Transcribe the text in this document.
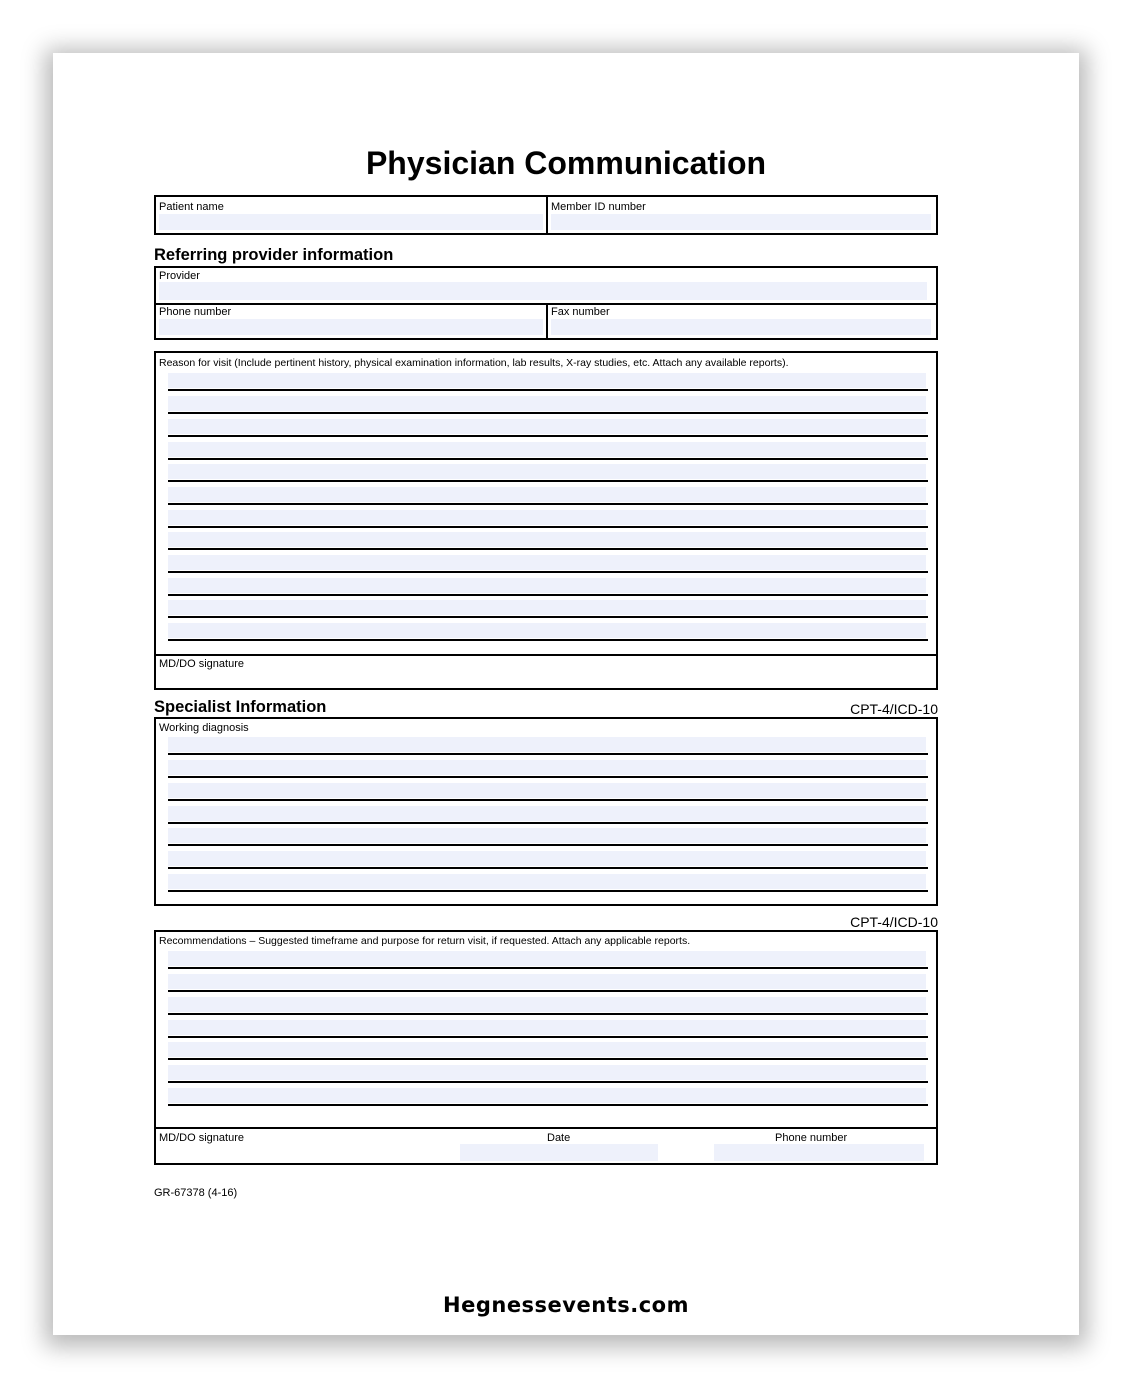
Physician Communication
Patient name	Member ID number
Referring provider information
Provider
Phone number	Fax number
Reason for visit (Include pertinent history, physical examination information, lab results, X-ray studies, etc. Attach any available reports).
MD/DO signature
Specialist Information	CPT-4/ICD-10
Working diagnosis
CPT-4/ICD-10
Recommendations – Suggested timeframe and purpose for return visit, if requested. Attach any applicable reports.
MD/DO signature	Date	Phone number
GR-67378 (4-16)
Hegnessevents.com
